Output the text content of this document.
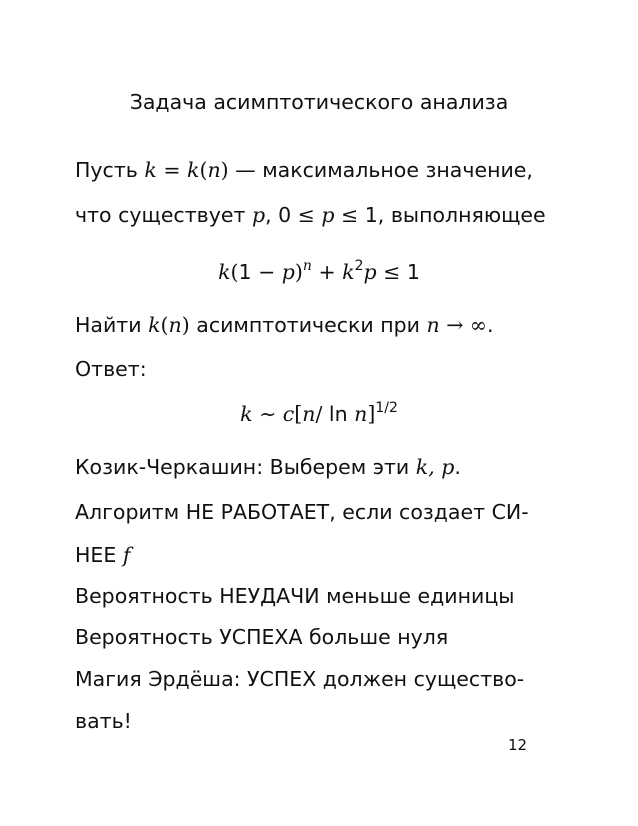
Задача асимптотического анализа
Пусть k = k(n) — максимальное значение,
что существует p, 0 ≤ p ≤ 1, выполняющее
$k(1 - p)^n + k^2p \le 1$
Найти k(n) асимптотически при n → ∞.
Ответ:
k ∼ c[n/ ln n]$^{1/2}$
Козик-Черкашин: Выберем эти k, p.
Алгоритм НЕ РАБОТАЕТ, если создает СИ-
НЕЕ f
Вероятность НЕУДАЧИ меньше единицы
Вероятность УСПЕХА больше нуля
Магия Эрдёша: УСПЕХ должен существо-
вать!
12
